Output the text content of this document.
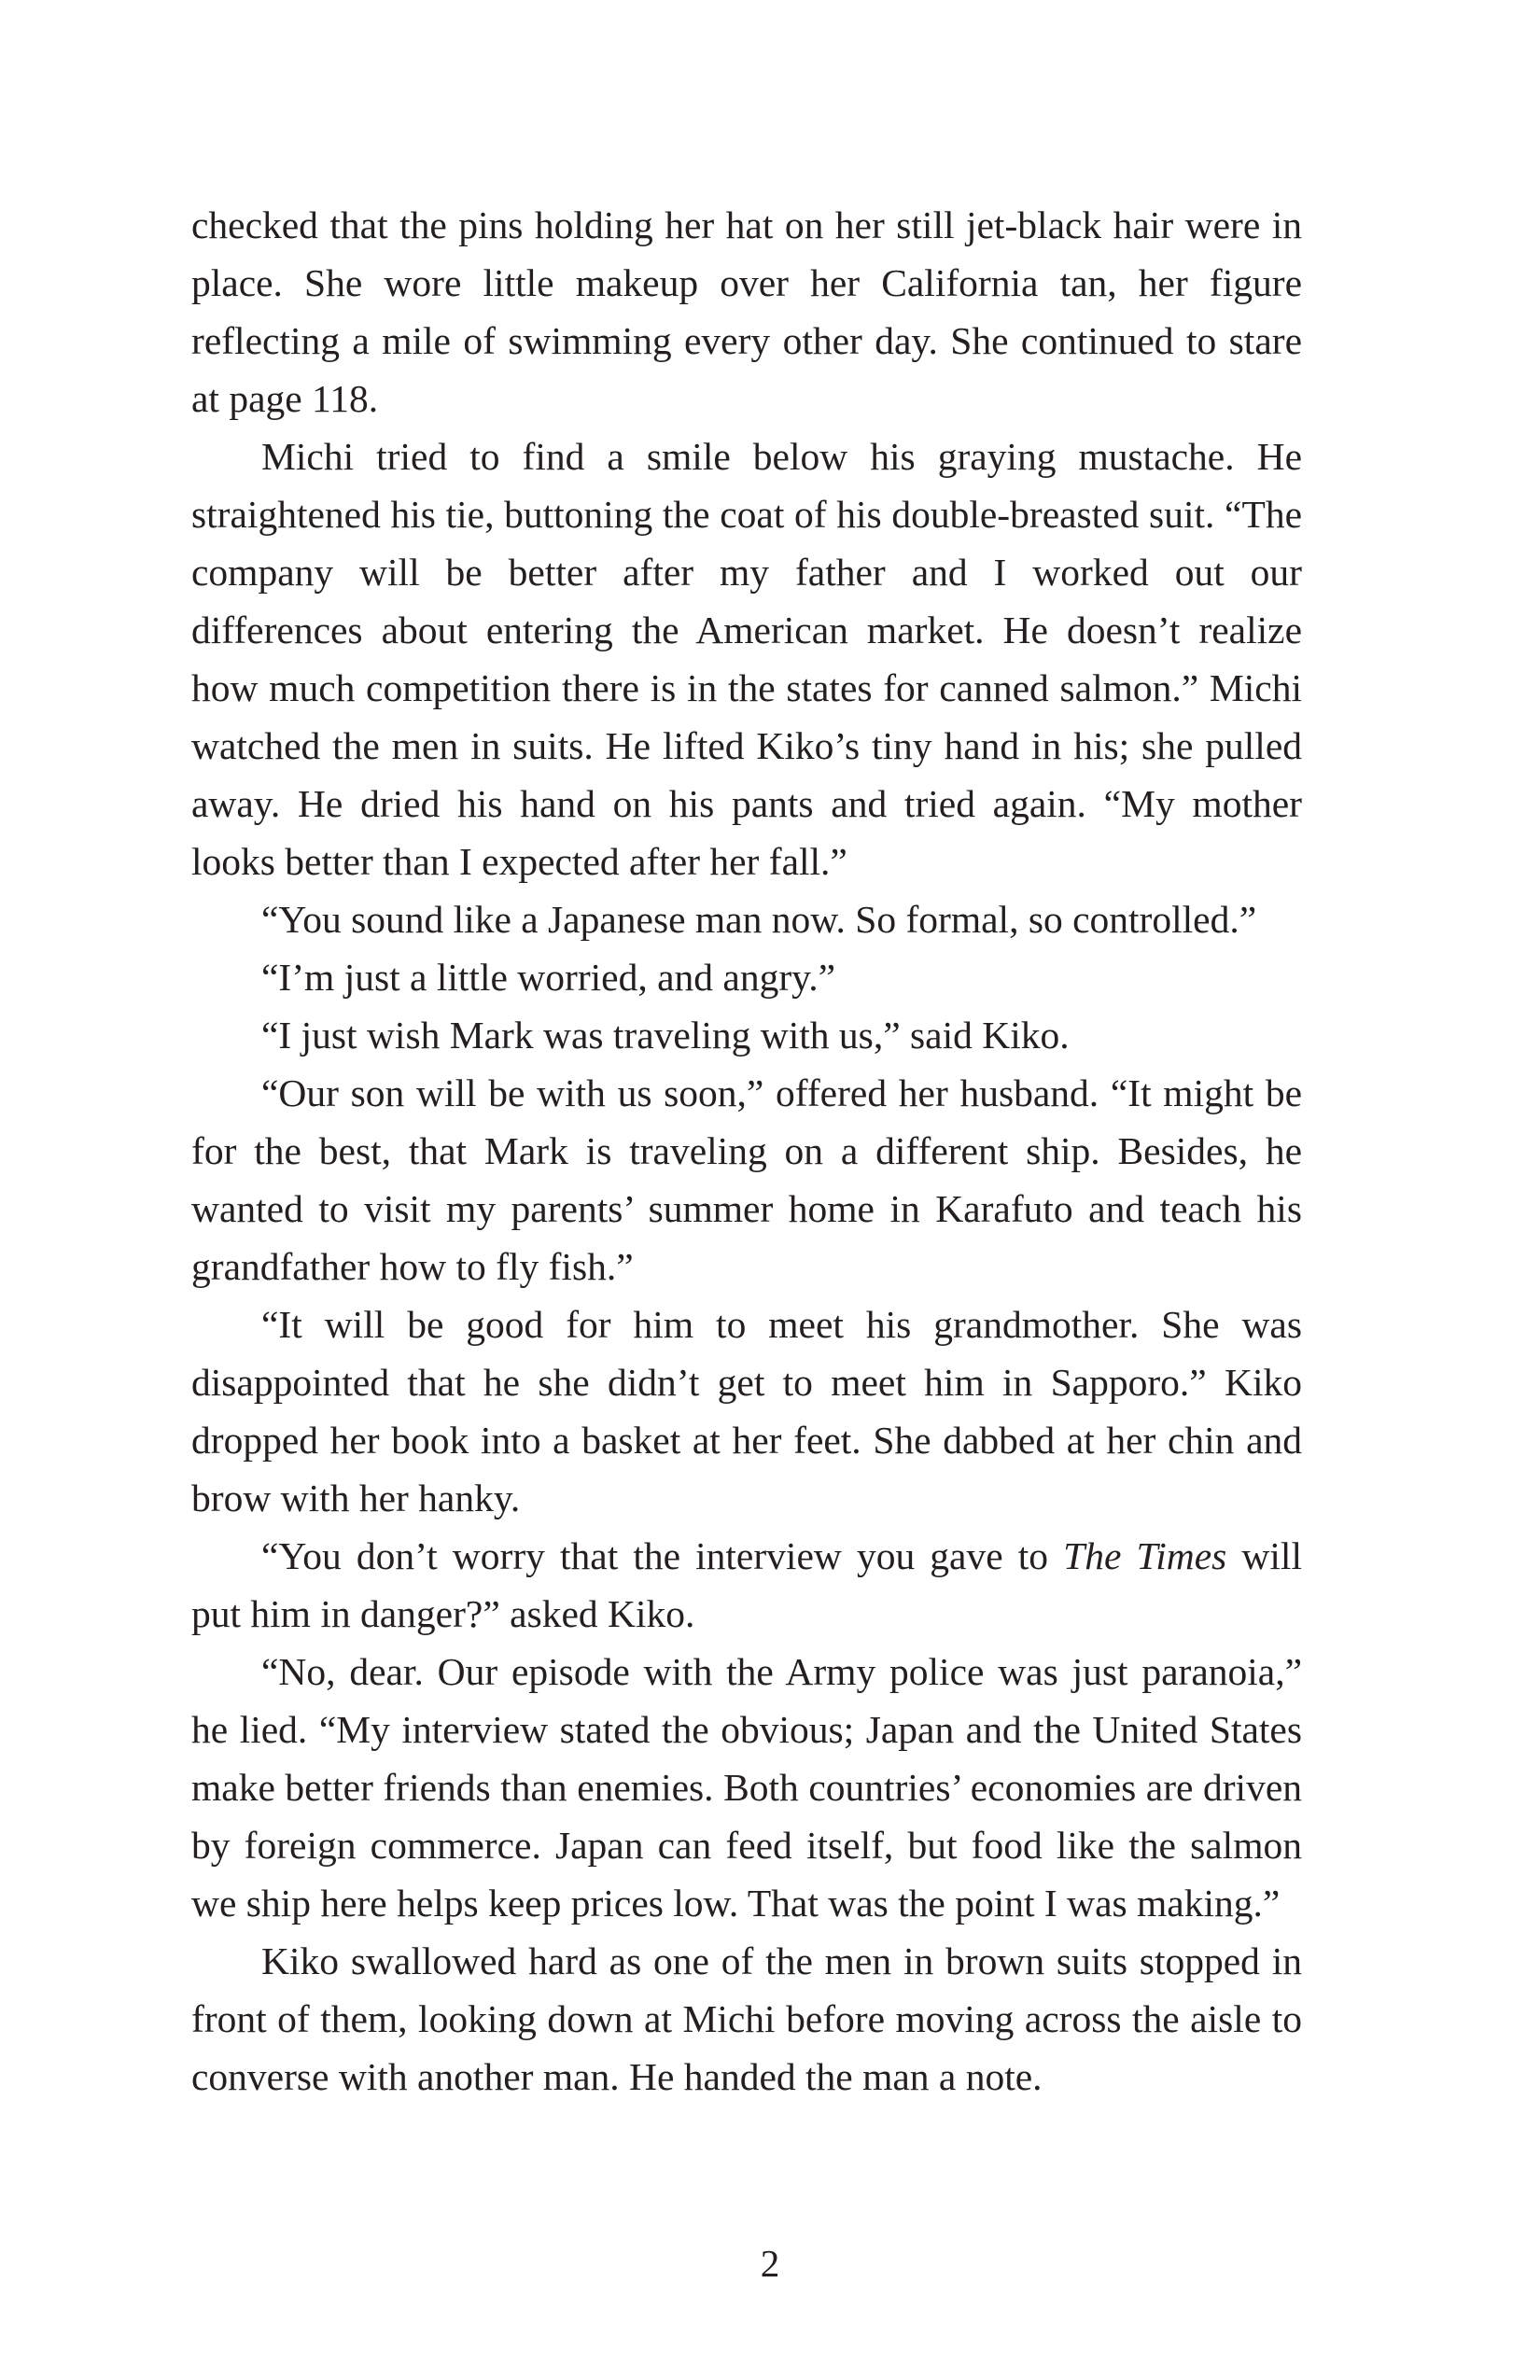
checked that the pins holding her hat on her still jet-black hair were in place. She wore little makeup over her California tan, her figure reflecting a mile of swimming every other day. She continued to stare at page 118.

Michi tried to find a smile below his graying mustache. He straightened his tie, buttoning the coat of his double-breasted suit. “The company will be better after my father and I worked out our differences about entering the American market. He doesn’t realize how much competition there is in the states for canned salmon.” Michi watched the men in suits. He lifted Kiko’s tiny hand in his; she pulled away. He dried his hand on his pants and tried again. “My mother looks better than I expected after her fall.”

“You sound like a Japanese man now. So formal, so controlled.”

“I’m just a little worried, and angry.”

“I just wish Mark was traveling with us,” said Kiko.

“Our son will be with us soon,” offered her husband. “It might be for the best, that Mark is traveling on a different ship. Besides, he wanted to visit my parents’ summer home in Karafuto and teach his grandfather how to fly fish.”

“It will be good for him to meet his grandmother. She was disappointed that he she didn’t get to meet him in Sapporo.” Kiko dropped her book into a basket at her feet. She dabbed at her chin and brow with her hanky.

“You don’t worry that the interview you gave to The Times will put him in danger?” asked Kiko.

“No, dear. Our episode with the Army police was just paranoia,” he lied. “My interview stated the obvious; Japan and the United States make better friends than enemies. Both countries’ economies are driven by foreign commerce. Japan can feed itself, but food like the salmon we ship here helps keep prices low. That was the point I was making.”

Kiko swallowed hard as one of the men in brown suits stopped in front of them, looking down at Michi before moving across the aisle to converse with another man. He handed the man a note.

2
